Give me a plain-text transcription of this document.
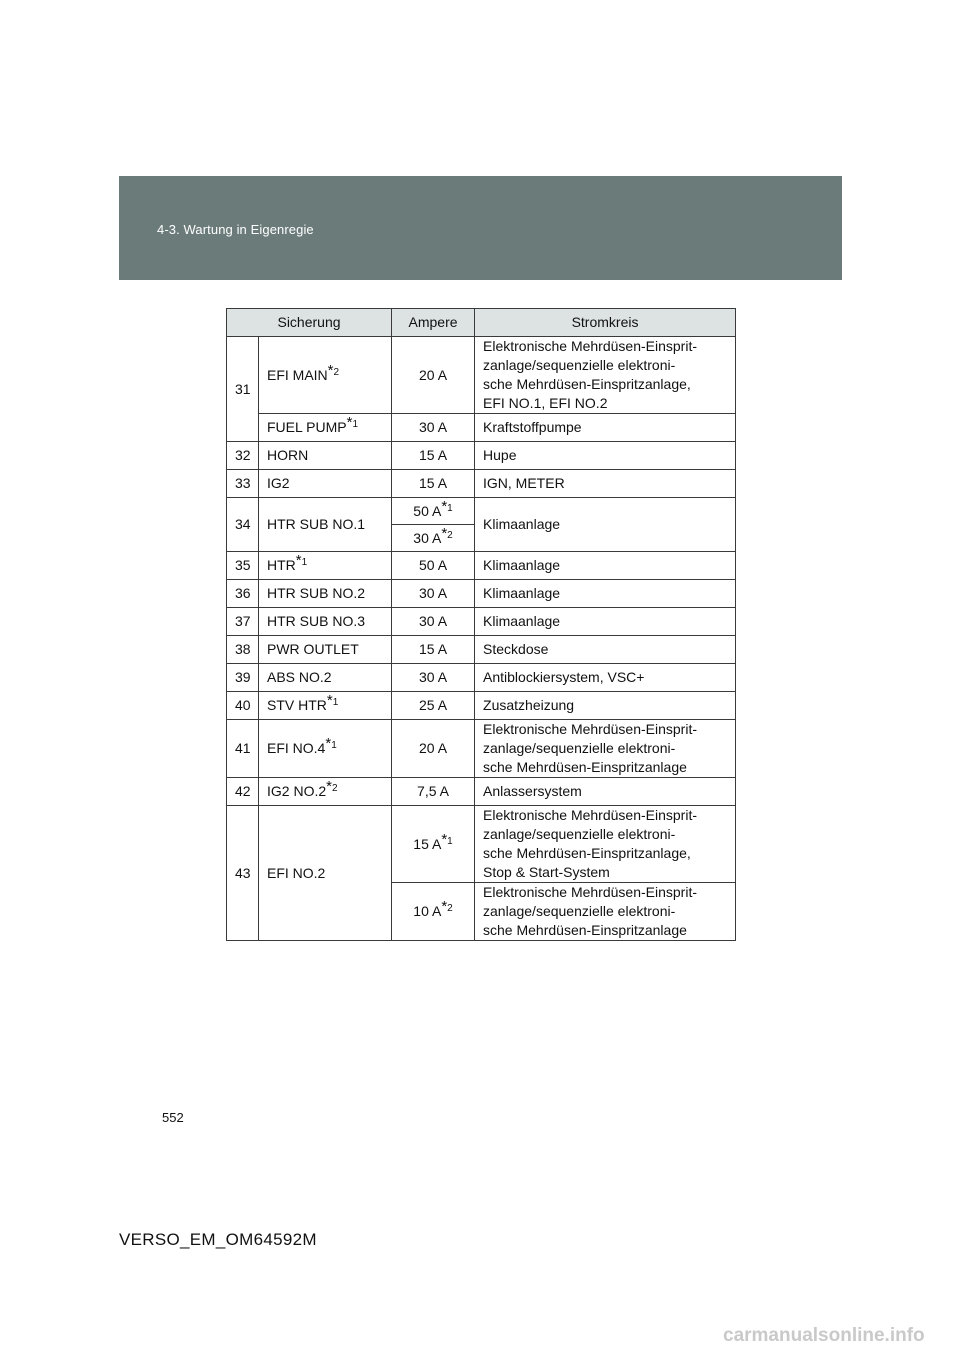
4-3. Wartung in Eigenregie
Sicherung		Ampere	Stromkreis
31	EFI MAIN$^{*2}$	20 A	Elektronische Mehrdüsen-Einsprit-
zanlage/sequenzielle elektroni-
sche Mehrdüsen-Einspritzanlage,
EFI NO.1, EFI NO.2
	FUEL PUMP$^{*1}$	30 A	Kraftstoffpumpe
32	HORN	15 A	Hupe
33	IG2	15 A	IGN, METER
34	HTR SUB NO.1	50 $A^{*1}$	Klimaanlage
		30 $A^{*2}$
35	HTR$^{*1}$	50 A	Klimaanlage
36	HTR SUB NO.2	30 A	Klimaanlage
37	HTR SUB NO.3	30 A	Klimaanlage
38	PWR OUTLET	15 A	Steckdose
39	ABS NO.2	30 A	Antiblockiersystem, VSC+
40	STV HTR$^{*1}$	25 A	Zusatzheizung
41	EFI NO.4$^{*1}$	20 A	Elektronische Mehrdüsen-Einsprit-
zanlage/sequenzielle elektroni-
sche Mehrdüsen-Einspritzanlage
42	IG2 NO.2$^{*2}$	7,5 A	Anlassersystem
43	EFI NO.2	15 $A^{*1}$	Elektronische Mehrdüsen-Einsprit-
zanlage/sequenzielle elektroni-
sche Mehrdüsen-Einspritzanlage,
Stop & Start-System
		10 $A^{*2}$	Elektronische Mehrdüsen-Einsprit-
zanlage/sequenzielle elektroni-
sche Mehrdüsen-Einspritzanlage
552
VERSO_EM_OM64592M
carmanualsonline.info
